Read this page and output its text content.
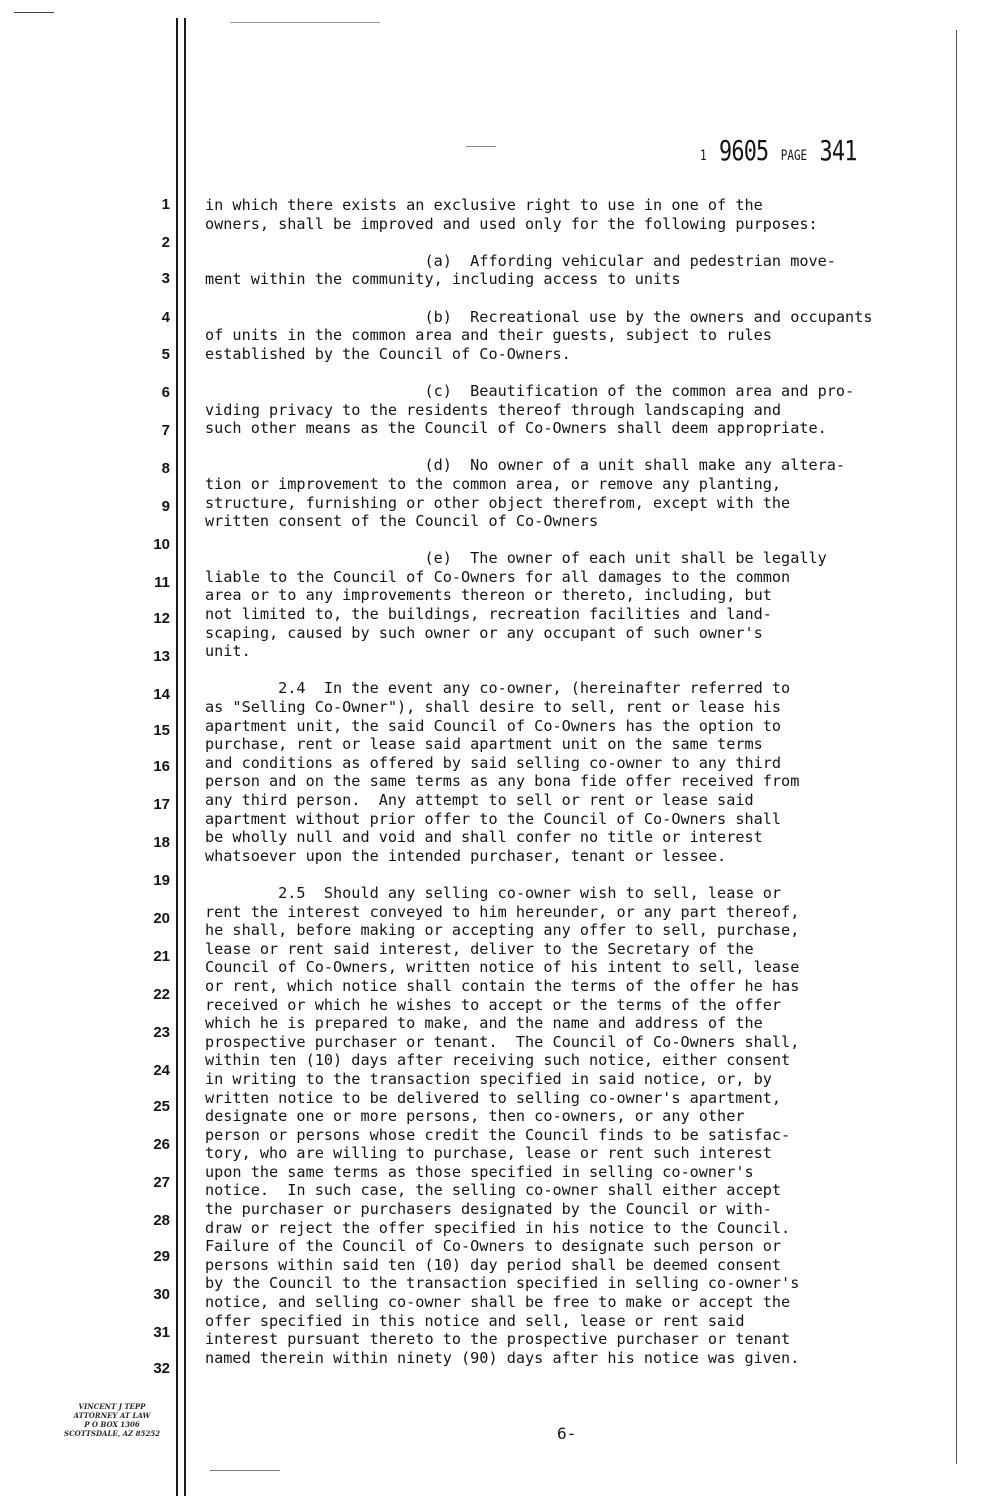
1 9605 PAGE 341
1
2
3
4
5
6
7
8
9
10
11
12
13
14
15
16
17
18
19
20
21
22
23
24
25
26
27
28
29
30
31
32
in which there exists an exclusive right to use in one of the
owners, shall be improved and used only for the following purposes:
(a)  Affording vehicular and pedestrian move-
ment within the community, including access to units
(b)  Recreational use by the owners and occupants
of units in the common area and their guests, subject to rules
established by the Council of Co-Owners.
(c)  Beautification of the common area and pro-
viding privacy to the residents thereof through landscaping and
such other means as the Council of Co-Owners shall deem appropriate.
(d)  No owner of a unit shall make any altera-
tion or improvement to the common area, or remove any planting,
structure, furnishing or other object therefrom, except with the
written consent of the Council of Co-Owners
(e)  The owner of each unit shall be legally
liable to the Council of Co-Owners for all damages to the common
area or to any improvements thereon or thereto, including, but
not limited to, the buildings, recreation facilities and land-
scaping, caused by such owner or any occupant of such owner's
unit.
2.4  In the event any co-owner, (hereinafter referred to
as "Selling Co-Owner"), shall desire to sell, rent or lease his
apartment unit, the said Council of Co-Owners has the option to
purchase, rent or lease said apartment unit on the same terms
and conditions as offered by said selling co-owner to any third
person and on the same terms as any bona fide offer received from
any third person.  Any attempt to sell or rent or lease said
apartment without prior offer to the Council of Co-Owners shall
be wholly null and void and shall confer no title or interest
whatsoever upon the intended purchaser, tenant or lessee.
2.5  Should any selling co-owner wish to sell, lease or
rent the interest conveyed to him hereunder, or any part thereof,
he shall, before making or accepting any offer to sell, purchase,
lease or rent said interest, deliver to the Secretary of the
Council of Co-Owners, written notice of his intent to sell, lease
or rent, which notice shall contain the terms of the offer he has
received or which he wishes to accept or the terms of the offer
which he is prepared to make, and the name and address of the
prospective purchaser or tenant.  The Council of Co-Owners shall,
within ten (10) days after receiving such notice, either consent
in writing to the transaction specified in said notice, or, by
written notice to be delivered to selling co-owner's apartment,
designate one or more persons, then co-owners, or any other
person or persons whose credit the Council finds to be satisfac-
tory, who are willing to purchase, lease or rent such interest
upon the same terms as those specified in selling co-owner's
notice.  In such case, the selling co-owner shall either accept
the purchaser or purchasers designated by the Council or with-
draw or reject the offer specified in his notice to the Council.
Failure of the Council of Co-Owners to designate such person or
persons within said ten (10) day period shall be deemed consent
by the Council to the transaction specified in selling co-owner's
notice, and selling co-owner shall be free to make or accept the
offer specified in this notice and sell, lease or rent said
interest pursuant thereto to the prospective purchaser or tenant
named therein within ninety (90) days after his notice was given.
6-
VINCENT J TEPP
ATTORNEY AT LAW
P O BOX 1306
SCOTTSDALE, AZ 85252
